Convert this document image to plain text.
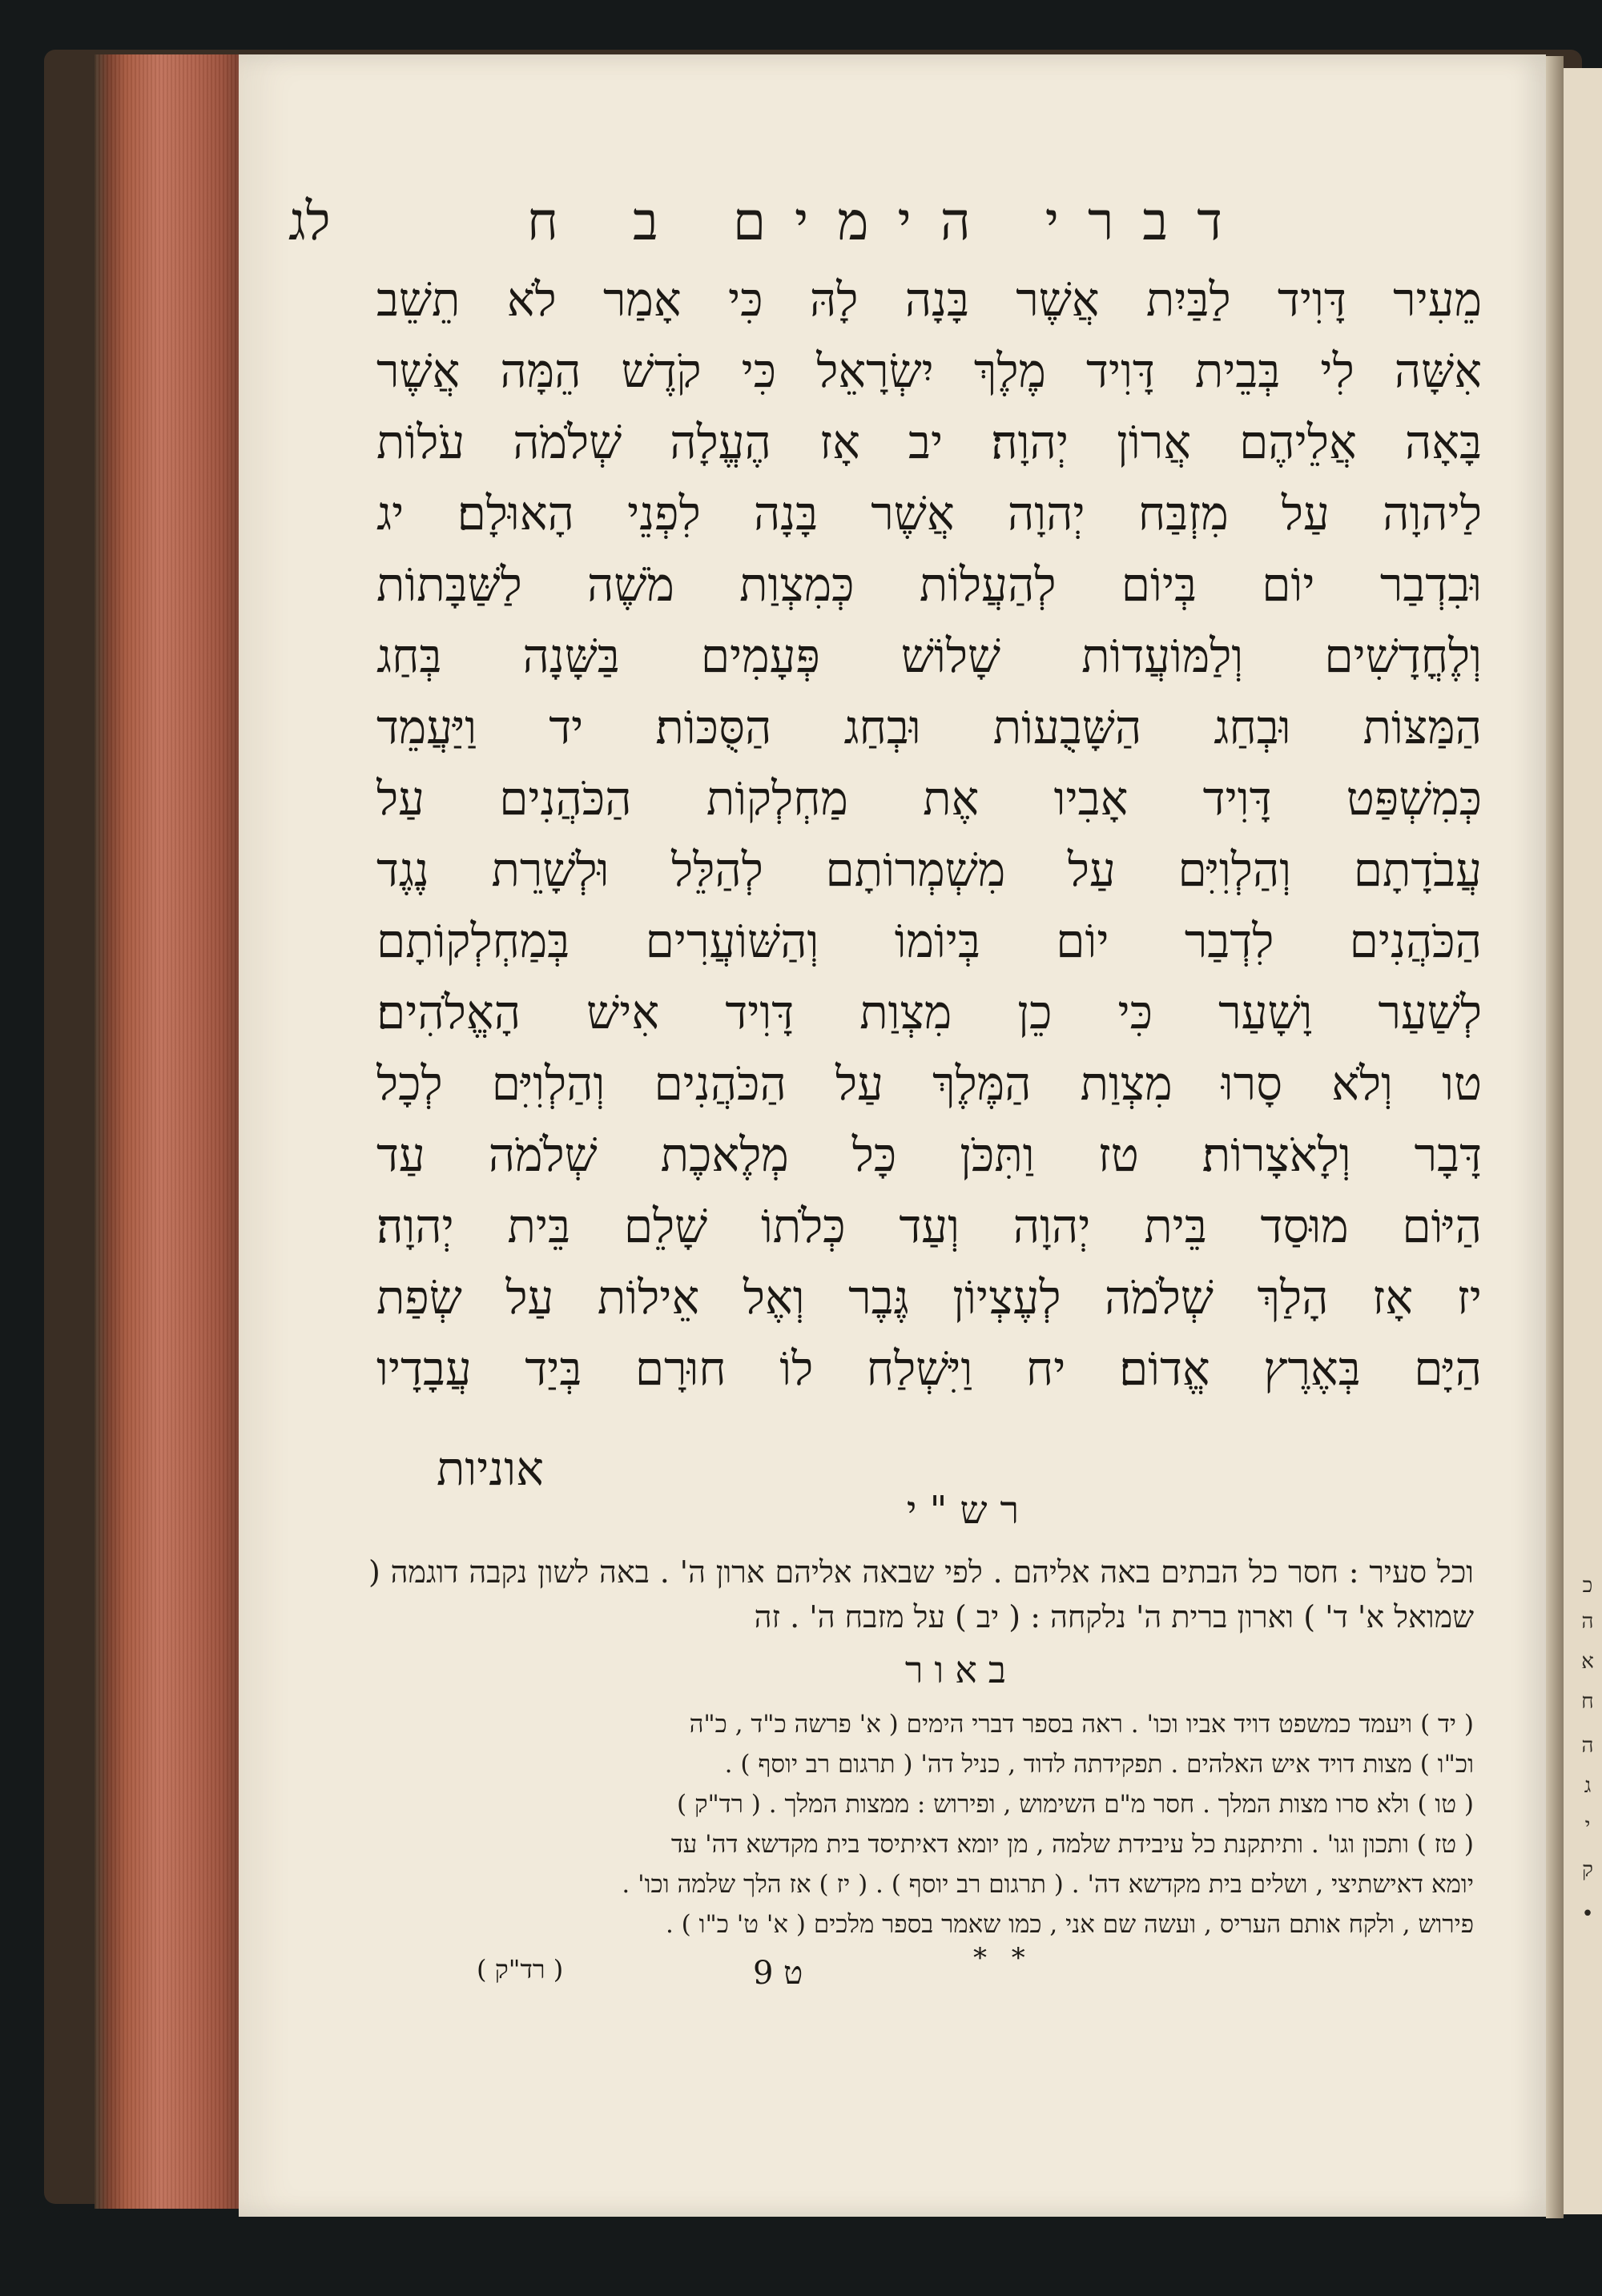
כ
ה
א
ח
ה
ג
י
ק
•
דברי הימים ב ח
לג
מֵעִיר דָּוִיד לַבַּיִת אֲשֶׁר בָּנָה לָהּ כִּי אָמַר לֹא תֵשֵׁב
אִשָּׁה לִי בְּבֵית דָּוִיד מֶלֶךְ יִשְׂרָאֵל כִּי קֹדֶשׁ הֵמָּה אֲשֶׁר
בָּאָה אֲלֵיהֶם אֲרוֹן יְהוָה׃ יב אָז הֶעֱלָה שְׁלֹמֹה עֹלוֹת
לַיהוָה עַל מִזְבַּח יְהוָה אֲשֶׁר בָּנָה לִפְנֵי הָאוּלָם׃ יג
וּבִדְבַר יוֹם בְּיוֹם לְהַעֲלוֹת כְּמִצְוַת מֹשֶׁה לַשַּׁבָּתוֹת
וְלֶחֳדָשִׁים וְלַמּוֹעֲדוֹת שָׁלוֹשׁ פְּעָמִים בַּשָּׁנָה בְּחַג
הַמַּצּוֹת וּבְחַג הַשָּׁבֻעוֹת וּבְחַג הַסֻּכּוֹת׃ יד וַיַּעֲמֵד
כְּמִשְׁפַּט דָּוִיד אָבִיו אֶת מַחְלְקוֹת הַכֹּהֲנִים עַל
עֲבֹדָתָם וְהַלְוִיִּם עַל מִשְׁמְרוֹתָם לְהַלֵּל וּלְשָׁרֵת נֶגֶד
הַכֹּהֲנִים לִדְבַר יוֹם בְּיוֹמוֹ וְהַשּׁוֹעֲרִים בְּמַחְלְקוֹתָם
לְשַׁעַר וָשָׁעַר כִּי כֵן מִצְוַת דָּוִיד אִישׁ הָאֱלֹהִים׃
טו וְלֹא סָרוּ מִצְוַת הַמֶּלֶךְ עַל הַכֹּהֲנִים וְהַלְוִיִּם לְכָל
דָּבָר וְלָאֹצָרוֹת׃ טז וַתִּכֹּן כָּל מְלֶאכֶת שְׁלֹמֹה עַד
הַיּוֹם מוּסַד בֵּית יְהוָה וְעַד כְּלֹתוֹ שָׁלֵם בֵּית יְהוָה׃
יז אָז הָלַךְ שְׁלֹמֹה לְעֶצְיוֹן גֶּבֶר וְאֶל אֵילוֹת עַל שְׂפַת
הַיָּם בְּאֶרֶץ אֱדוֹם׃ יח וַיִּשְׁלַח לוֹ חוּרָם בְּיַד עֲבָדָיו
אוניות
רש"י
וכל סעיר : חסר כל הבתים באה אליהם . לפי שבאה אליהם ארון ה' . באה לשון נקבה דוגמה ( שמואל א' ד' ) וארון ברית ה' נלקחה : ( יב ) על מזבח ה' . זה
באור
( יד ) ויעמד כמשפט דויד אביו וכו' . ראה בספר דברי הימים ( א' פרשה כ"ד , כ"ה
וכ"ו ) מצות דויד איש האלהים . תפקידתה לדוד , כניל דה' ( תרגום רב יוסף ) .
( טו ) ולא סרו מצות המלך . חסר מ"ם השימוש , ופירוש : ממצות המלך . ( רד"ק )
( טז ) ותכון וגו' . ותיתקנת כל עיבידת שלמה , מן יומא דאיתיסד בית מקדשא דה' עד
יומא דאישתיצי , ושלים בית מקדשא דה' . ( תרגום רב יוסף ) . ( יז ) אז הלך שלמה וכו' .
פירוש , ולקח אותם העריס , ועשה שם אני , כמו שאמר בספר מלכים ( א' ט' כ"ו ) .
( רד"ק )	ט 9	* *
